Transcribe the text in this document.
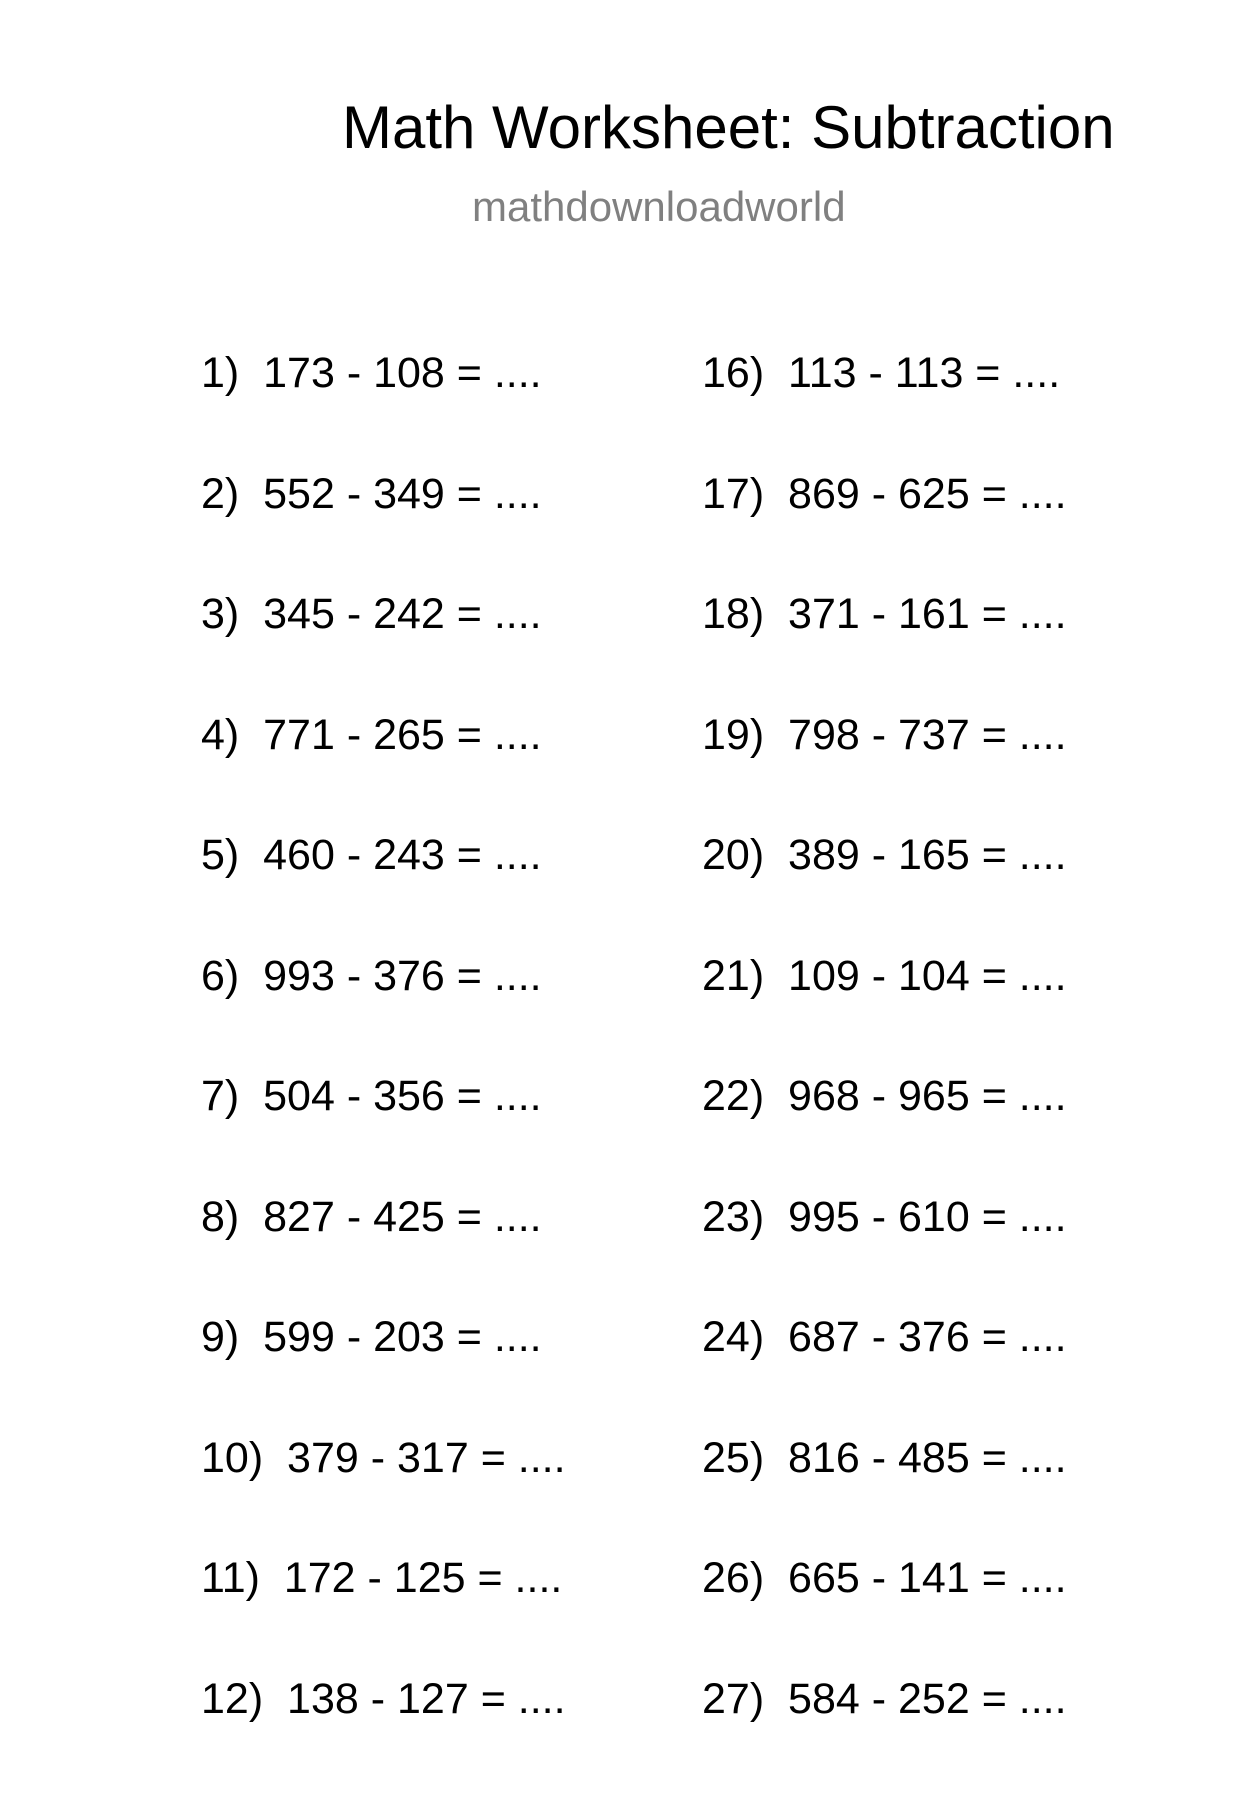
Math Worksheet: Subtraction
mathdownloadworld
1)  173 - 108 = ....
2)  552 - 349 = ....
3)  345 - 242 = ....
4)  771 - 265 = ....
5)  460 - 243 = ....
6)  993 - 376 = ....
7)  504 - 356 = ....
8)  827 - 425 = ....
9)  599 - 203 = ....
10)  379 - 317 = ....
11)  172 - 125 = ....
12)  138 - 127 = ....
16)  113 - 113 = ....
17)  869 - 625 = ....
18)  371 - 161 = ....
19)  798 - 737 = ....
20)  389 - 165 = ....
21)  109 - 104 = ....
22)  968 - 965 = ....
23)  995 - 610 = ....
24)  687 - 376 = ....
25)  816 - 485 = ....
26)  665 - 141 = ....
27)  584 - 252 = ....
